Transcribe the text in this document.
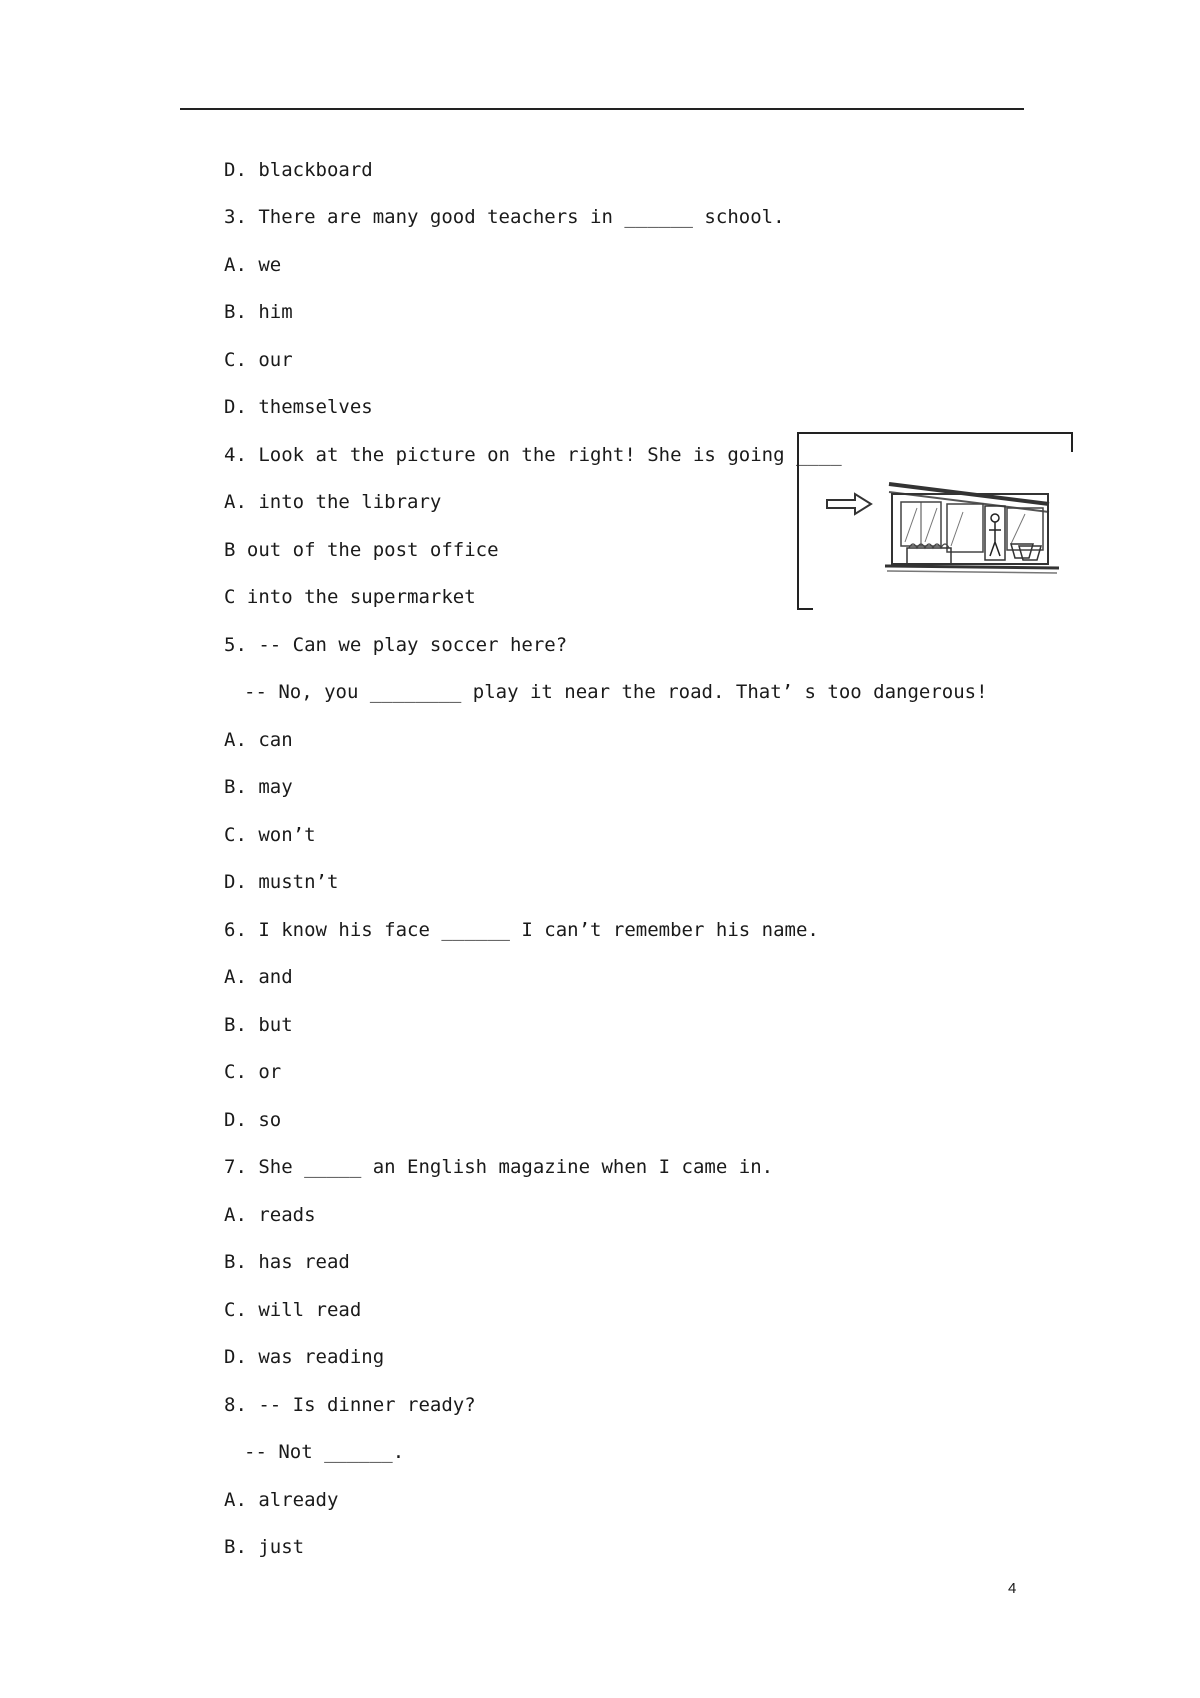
D. blackboard
3. There are many good teachers in ______ school.
A. we
B. him
C. our
D. themselves
4. Look at the picture on the right! She is going ____
A. into the library
B out of the post office
C into the supermarket
5. -- Can we play soccer here?
-- No, you ________ play it near the road. That’ s too dangerous!
A. can
B. may
C. won’t
D. mustn’t
6. I know his face ______ I can’t remember his name.
A. and
B. but
C. or
D. so
7. She _____ an English magazine when I came in.
A. reads
B. has read
C. will read
D. was reading
8. -- Is dinner ready?
-- Not ______.
A. already
B. just
4
